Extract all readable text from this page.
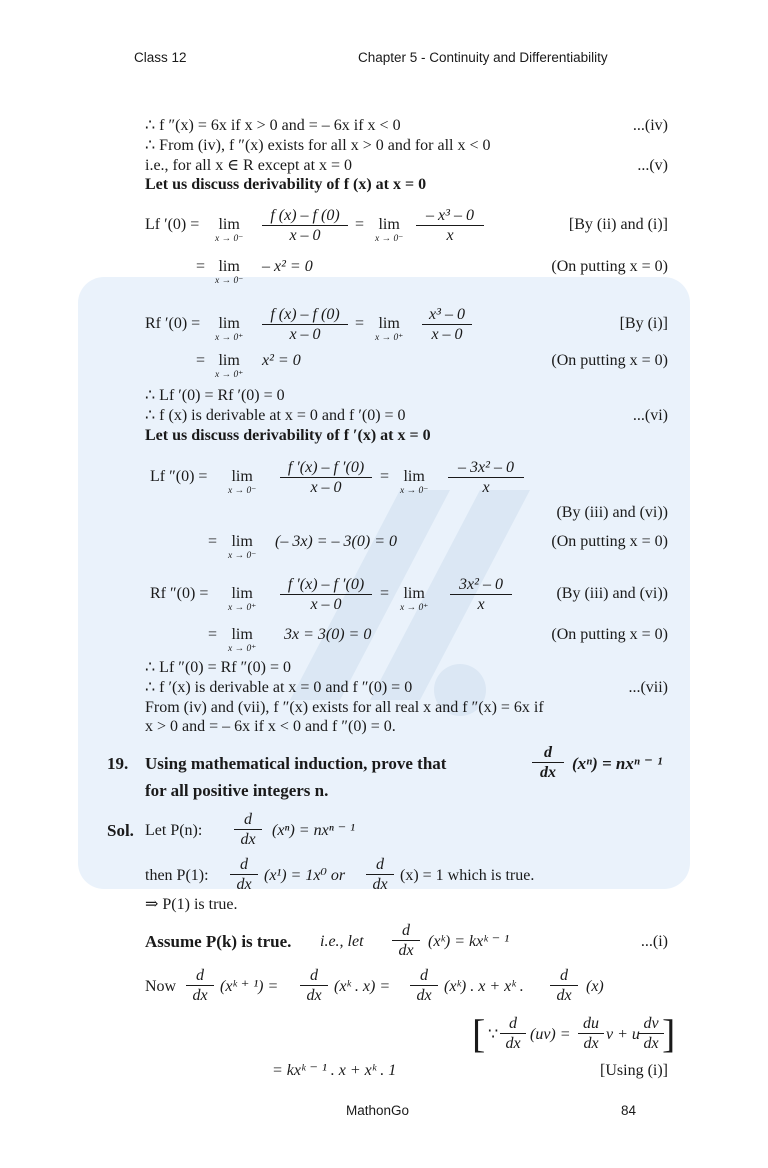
Class 12	Chapter 5 - Continuity and Differentiability
∴ f ″(x) = 6x if x > 0 and = – 6x if x < 0	...(iv)
∴ From (iv), f ″(x) exists for all x > 0 and for all x < 0
i.e., for all x ∈ R except at x = 0	...(v)
Let us discuss derivability of f (x) at x = 0
Lf ′(0) = lim
$x \to 0^- \frac{f (x) - f (0)}{x - 0} = \lim$
$x \to 0^- \frac{\text{– x³ – 0}}{x}$	[By (ii) and (i)]
= lim
x → 0⁻
– x² = 0	(On putting x = 0)
Rf ′(0) = lim
$x \to 0^+ \frac{f (x) - f (0)}{x - 0} = \lim$
$x \to 0^+ \frac{\text{x³ – 0}}{x - 0}$	[By (i)]
= lim
x → 0⁺
x² = 0	(On putting x = 0)
∴ Lf ′(0) = Rf ′(0) = 0
∴ f (x) is derivable at x = 0 and f ′(0) = 0	...(vi)
Let us discuss derivability of f ′(x) at x = 0
Lf ″(0) = lim
$x \to 0^- \frac{f '(x) - f '(0)}{x - 0} = \lim$
$x \to 0^- \frac{\text{– 3x² – 0}}{x}$
(By (iii) and (vi))
= lim
x → 0⁻
(– 3x) = – 3(0) = 0	(On putting x = 0)
Rf ″(0) = lim
$x \to 0^+ \frac{f '(x) - f '(0)}{x - 0} = \lim$
$x \to 0^+ \frac{\text{3x² – 0}}{x}$	(By (iii) and (vi))
= lim
x → 0⁺
3x = 3(0) = 0	(On putting x = 0)
∴ Lf ″(0) = Rf ″(0) = 0
∴ f ′(x) is derivable at x = 0 and f ″(0) = 0	...(vii)
From (iv) and (vii), f ″(x) exists for all real x and f ″(x) = 6x if
x > 0 and = – 6x if x < 0 and f ″(0) = 0.
19. Using mathematical induction, prove that	$\frac{d}{dx} (x^n) = nx^n$ ⁻ ¹
for all positive integers n.
Sol. Let P(n): $\frac{d}{dx} (x^n) = nx^n$ ⁻ ¹
then P(1): $\frac{d}{dx} (x^1) = 1x^0$ or $\frac{d}{dx} (x) = 1$ which is true.
⇒ P(1) is true.
Assume P(k) is true. i.e., let $\frac{d}{dx}$ (xᵏ) = kxᵏ ⁻ ¹	...(i)
Now $\frac{d}{dx}$ (xᵏ ⁺ $^1) = \frac{d}{dx}$ (xᵏ . $x) = \frac{d}{dx}$ (xᵏ) . x + xᵏ . $\frac{d}{dx} (x)$
[ ∵ $\frac{d}{dx} (uv) = \frac{du}{dx}$ v + u
$\frac{dv}{dx}$
]
= kxᵏ ⁻ ¹ . x + xᵏ . 1	[Using (i)]
MathonGo	84
